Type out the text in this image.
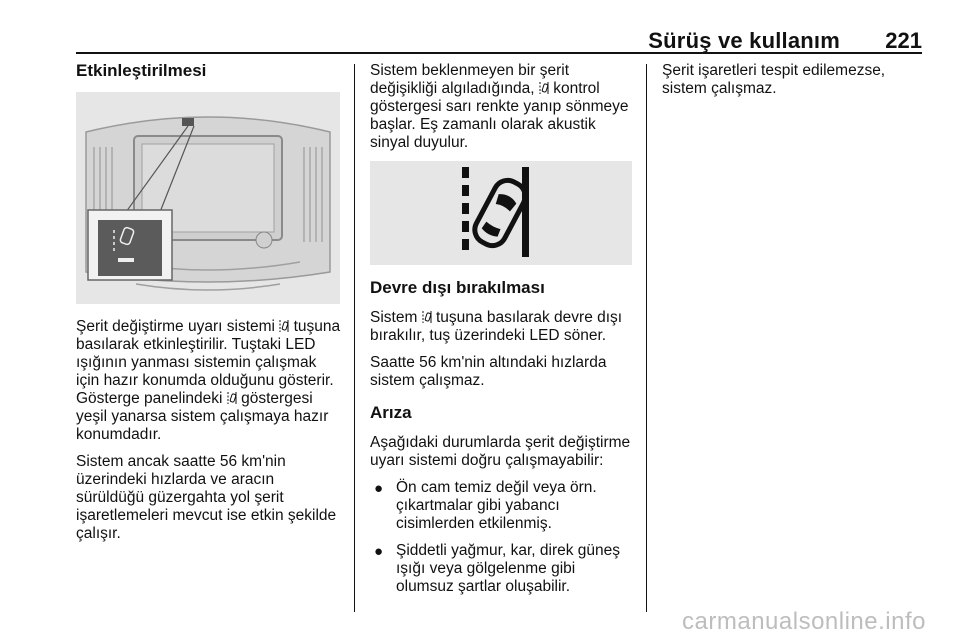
Sürüş ve kullanım 221
Etkinleştirilmesi

Şerit değiştirme uyarı sistemi tuşuna basılarak etkinleştirilir. Tuştaki LED ışığının yanması sistemin çalışmak için hazır konumda olduğunu gösterir. Gösterge panelindeki göstergesi yeşil yanarsa sistem çalışmaya hazır konumdadır.

Sistem ancak saatte 56 km'nin üzerindeki hızlarda ve aracın sürüldüğü güzergahta yol şerit işaretlemeleri mevcut ise etkin şekilde çalışır.

Sistem beklenmeyen bir şerit değişikliği algıladığında, kontrol göstergesi sarı renkte yanıp sönmeye başlar. Eş zamanlı olarak akustik sinyal duyulur.

Devre dışı bırakılması

Sistem tuşuna basılarak devre dışı bırakılır, tuş üzerindeki LED söner.

Saatte 56 km'nin altındaki hızlarda sistem çalışmaz.

Arıza

Aşağıdaki durumlarda şerit değiştirme uyarı sistemi doğru çalışmayabilir:

● Ön cam temiz değil veya örn. çıkartmalar gibi yabancı cisimlerden etkilenmiş.
● Şiddetli yağmur, kar, direk güneş ışığı veya gölgelenme gibi olumsuz şartlar oluşabilir.

Şerit işaretleri tespit edilemezse, sistem çalışmaz.

carmanualsonline.info
